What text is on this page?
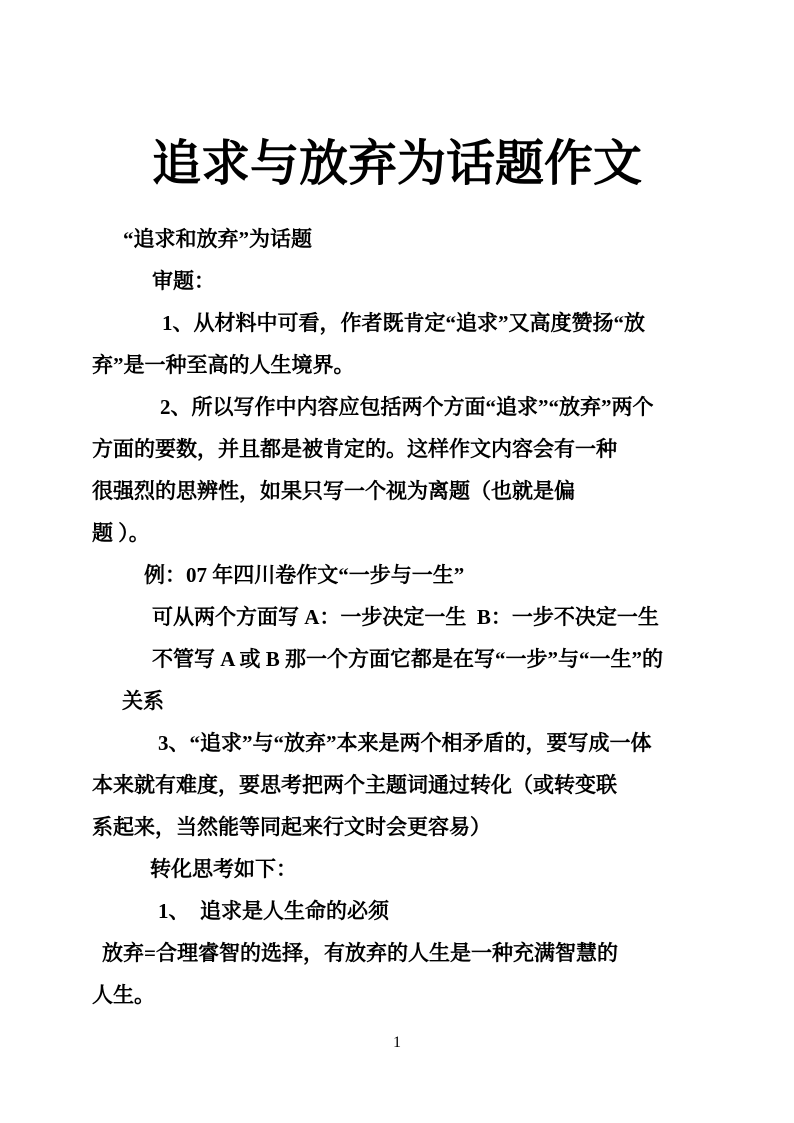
追求与放弃为话题作文
“追求和放弃”为话题
审题：
1、从材料中可看，作者既肯定“追求”又高度赞扬“放
弃”是一种至高的人生境界。
2、所以写作中内容应包括两个方面“追求”“放弃”两个
方面的要数，并且都是被肯定的。这样作文内容会有一种
很强烈的思辨性，如果只写一个视为离题（也就是偏
题 ）。
例：07 年四川卷作文“一步与一生”
可从两个方面写 A：一步决定一生  B：一步不决定一生
不管写 A 或 B 那一个方面它都是在写“一步”与“一生”的
关系
3、“追求”与“放弃”本来是两个相矛盾的，要写成一体
本来就有难度，要思考把两个主题词通过转化（或转变联
系起来，当然能等同起来行文时会更容易）
转化思考如下：
1、　追求是人生命的必须
放弃=合理睿智的选择，有放弃的人生是一种充满智慧的
人生。
1
